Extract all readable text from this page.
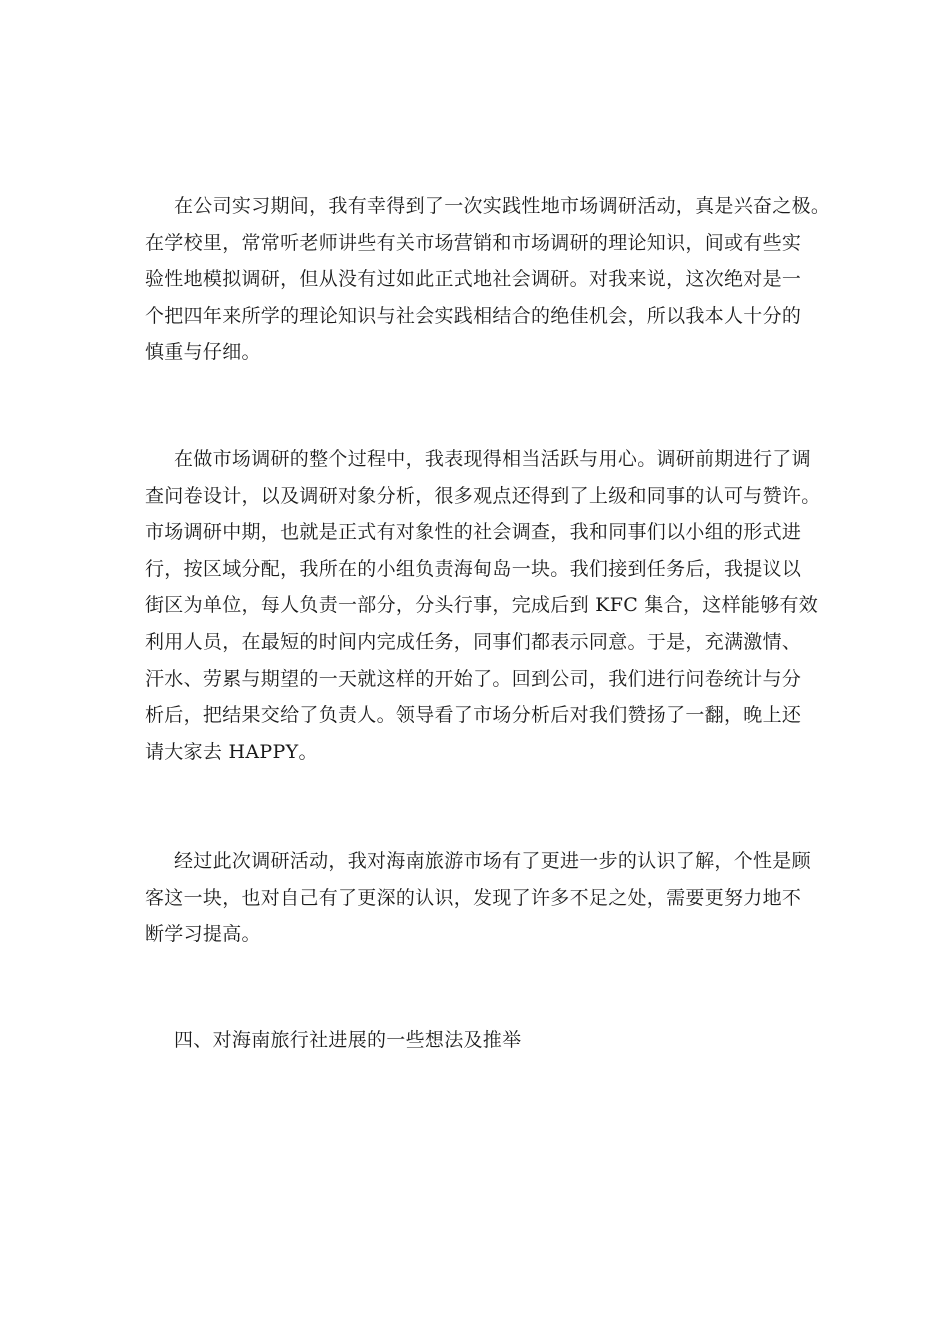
在公司实习期间，我有幸得到了一次实践性地市场调研活动，真是兴奋之极。
在学校里，常常听老师讲些有关市场营销和市场调研的理论知识，间或有些实
验性地模拟调研，但从没有过如此正式地社会调研。对我来说，这次绝对是一
个把四年来所学的理论知识与社会实践相结合的绝佳机会，所以我本人十分的
慎重与仔细。
在做市场调研的整个过程中，我表现得相当活跃与用心。调研前期进行了调
查问卷设计，以及调研对象分析，很多观点还得到了上级和同事的认可与赞许。
市场调研中期，也就是正式有对象性的社会调查，我和同事们以小组的形式进
行，按区域分配，我所在的小组负责海甸岛一块。我们接到任务后，我提议以
街区为单位，每人负责一部分，分头行事，完成后到 KFC 集合，这样能够有效
利用人员，在最短的时间内完成任务，同事们都表示同意。于是，充满激情、
汗水、劳累与期望的一天就这样的开始了。回到公司，我们进行问卷统计与分
析后，把结果交给了负责人。领导看了市场分析后对我们赞扬了一翻，晚上还
请大家去 HAPPY。
经过此次调研活动，我对海南旅游市场有了更进一步的认识了解，个性是顾
客这一块，也对自己有了更深的认识，发现了许多不足之处，需要更努力地不
断学习提高。
四、对海南旅行社进展的一些想法及推举
